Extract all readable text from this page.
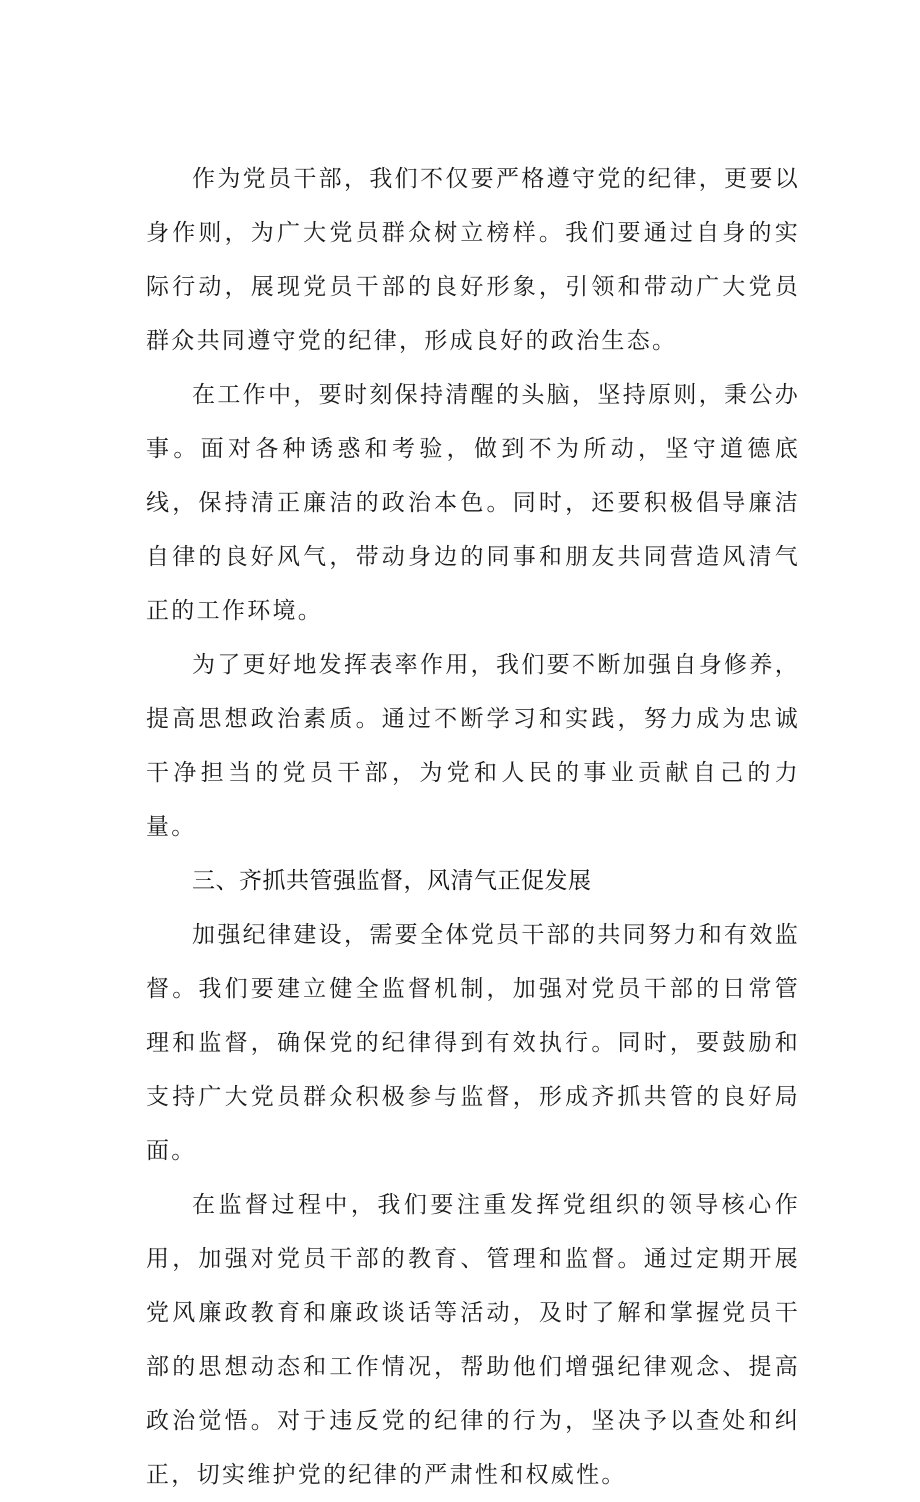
作为党员干部，我们不仅要严格遵守党的纪律，更要以身作则，为广大党员群众树立榜样。我们要通过自身的实际行动，展现党员干部的良好形象，引领和带动广大党员群众共同遵守党的纪律，形成良好的政治生态。

在工作中，要时刻保持清醒的头脑，坚持原则，秉公办事。面对各种诱惑和考验，做到不为所动，坚守道德底线，保持清正廉洁的政治本色。同时，还要积极倡导廉洁自律的良好风气，带动身边的同事和朋友共同营造风清气正的工作环境。

为了更好地发挥表率作用，我们要不断加强自身修养，提高思想政治素质。通过不断学习和实践，努力成为忠诚干净担当的党员干部，为党和人民的事业贡献自己的力量。

三、齐抓共管强监督，风清气正促发展

加强纪律建设，需要全体党员干部的共同努力和有效监督。我们要建立健全监督机制，加强对党员干部的日常管理和监督，确保党的纪律得到有效执行。同时，要鼓励和支持广大党员群众积极参与监督，形成齐抓共管的良好局面。

在监督过程中，我们要注重发挥党组织的领导核心作用，加强对党员干部的教育、管理和监督。通过定期开展党风廉政教育和廉政谈话等活动，及时了解和掌握党员干部的思想动态和工作情况，帮助他们增强纪律观念、提高政治觉悟。对于违反党的纪律的行为，坚决予以查处和纠正，切实维护党的纪律的严肃性和权威性。
